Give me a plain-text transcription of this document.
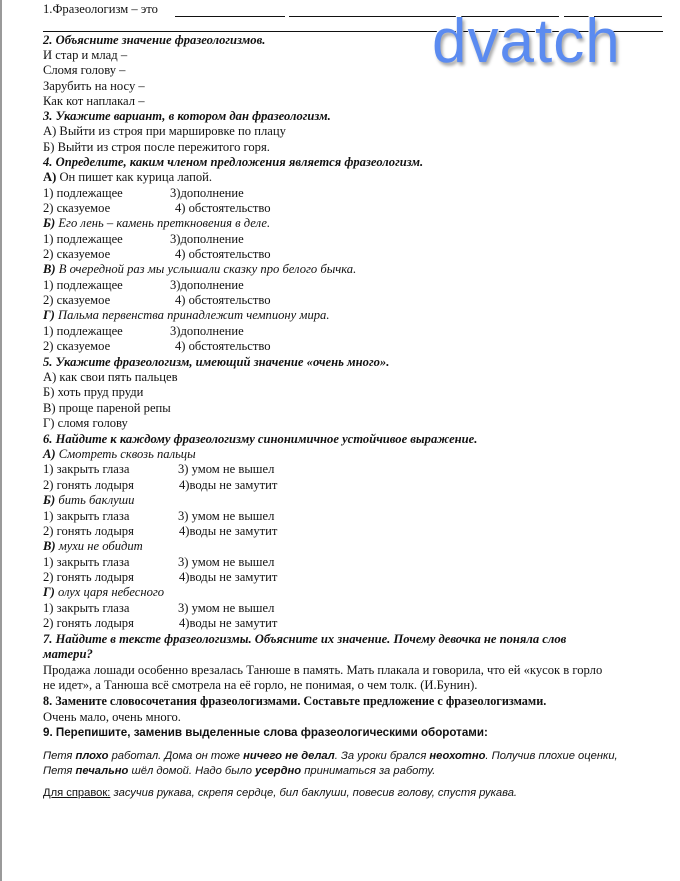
1.Фразеологизм – это
2. Объясните значение фразеологизмов.
И стар и млад –
Сломя голову –
Зарубить на носу –
Как кот наплакал –
3. Укажите вариант, в котором дан фразеологизм.
А) Выйти из строя при маршировке по плацу
Б) Выйти из строя после пережитого горя.
4. Определите, каким членом предложения является фразеологизм.
А) Он пишет как курица лапой.
1) подлежащее	3)дополнение
2) сказуемое	4) обстоятельство
Б) Его лень – камень преткновения в деле.
1) подлежащее	3)дополнение
2) сказуемое	4) обстоятельство
В) В очередной раз мы услышали сказку про белого бычка.
1) подлежащее	3)дополнение
2) сказуемое	4) обстоятельство
Г) Пальма первенства принадлежит чемпиону мира.
1) подлежащее	3)дополнение
2) сказуемое	4) обстоятельство
5. Укажите фразеологизм, имеющий значение «очень много».
А) как свои пять пальцев
Б) хоть пруд пруди
В) проще пареной репы
Г) сломя голову
6. Найдите к каждому фразеологизму синонимичное устойчивое выражение.
А) Смотреть сквозь пальцы
1) закрыть глаза	3) умом не вышел
2) гонять лодыря	4)воды не замутит
Б) бить баклуши
1) закрыть глаза	3) умом не вышел
2) гонять лодыря	4)воды не замутит
В) мухи не обидит
1) закрыть глаза	3) умом не вышел
2) гонять лодыря	4)воды не замутит
Г) олух царя небесного
1) закрыть глаза	3) умом не вышел
2) гонять лодыря	4)воды не замутит
7. Найдите в тексте фразеологизмы. Объясните их значение. Почему девочка не поняла слов
матери?
Продажа лошади особенно врезалась Танюше в память. Мать плакала и говорила, что ей «кусок в горло
не идет», а Танюша всё смотрела на её горло, не понимая, о чем толк. (И.Бунин).
8. Замените словосочетания фразеологизмами. Составьте предложение с фразеологизмами.
Очень мало, очень много.
9. Перепишите, заменив выделенные слова фразеологическими оборотами:
Петя плохо работал. Дома он тоже ничего не делал. За уроки брался неохотно. Получив плохие оценки,
Петя печально шёл домой. Надо было усердно приниматься за работу.
Для справок: засучив рукава, скрепя сердце, бил баклуши, повесив голову, спустя рукава.
dvatch
